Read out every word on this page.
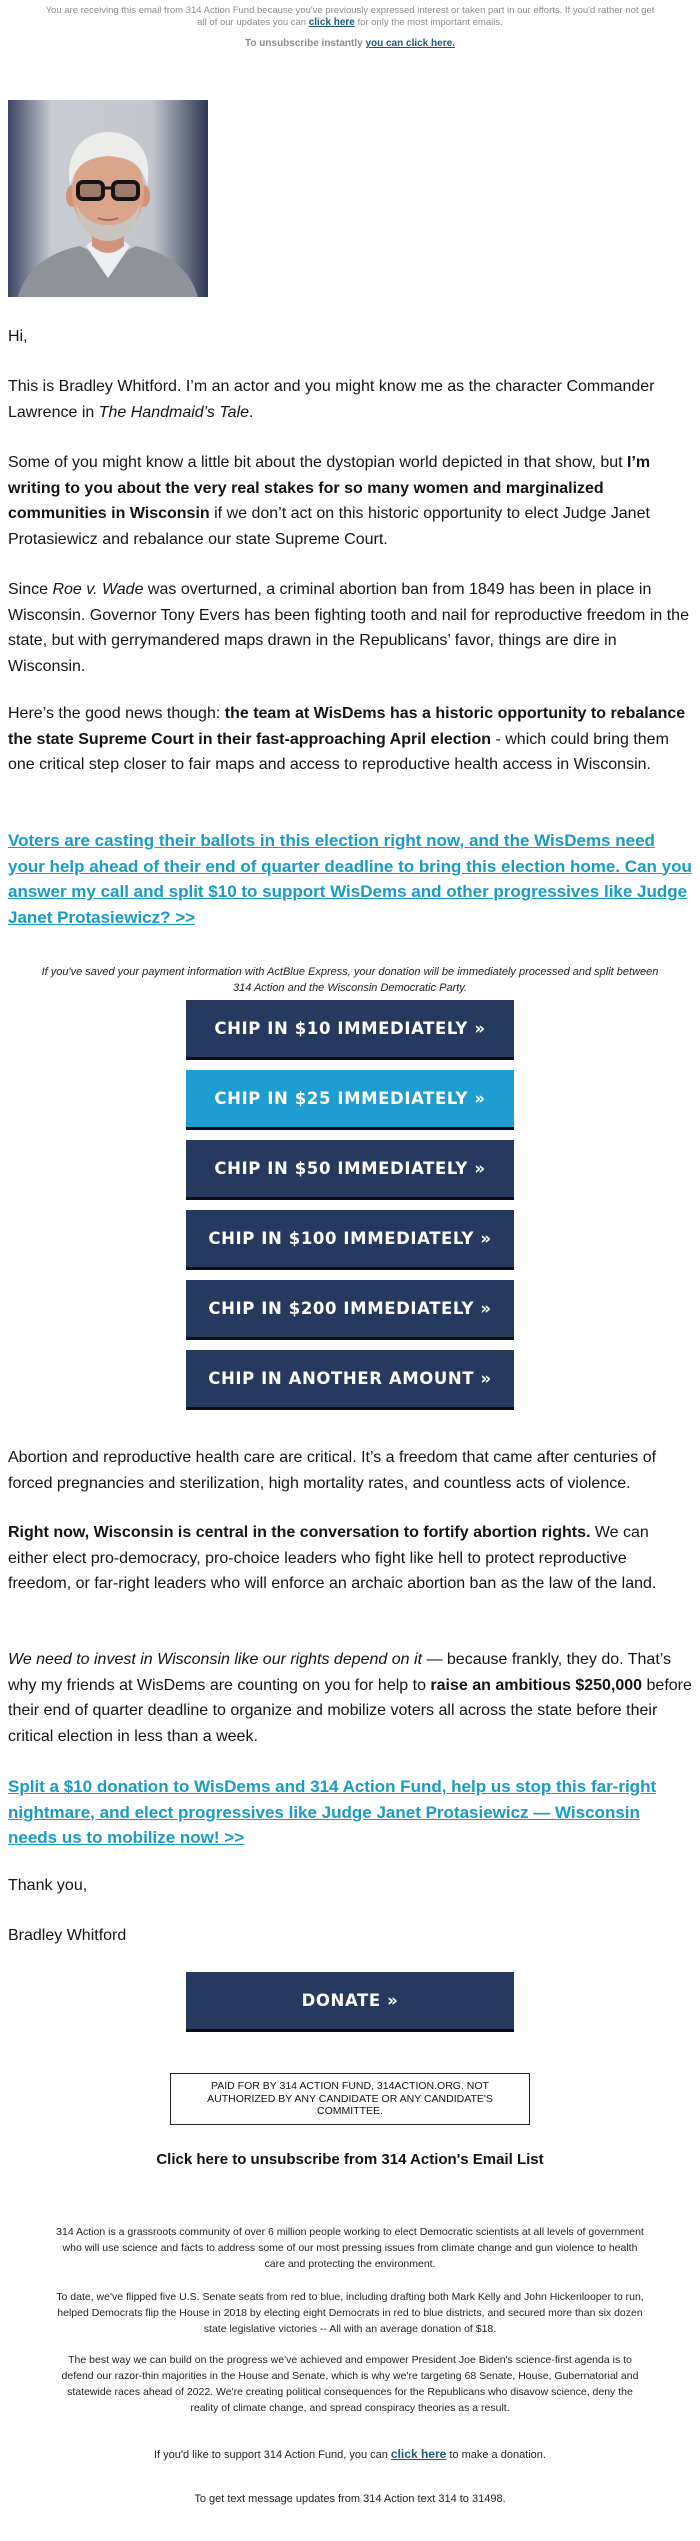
You are receiving this email from 314 Action Fund because you've previously expressed interest or taken part in our efforts. If you'd rather not get all of our updates you can click here for only the most important emails.

To unsubscribe instantly you can click here.

Hi,

This is Bradley Whitford. I’m an actor and you might know me as the character Commander Lawrence in The Handmaid’s Tale.

Some of you might know a little bit about the dystopian world depicted in that show, but I’m writing to you about the very real stakes for so many women and marginalized communities in Wisconsin if we don’t act on this historic opportunity to elect Judge Janet Protasiewicz and rebalance our state Supreme Court.

Since Roe v. Wade was overturned, a criminal abortion ban from 1849 has been in place in Wisconsin. Governor Tony Evers has been fighting tooth and nail for reproductive freedom in the state, but with gerrymandered maps drawn in the Republicans’ favor, things are dire in Wisconsin.

Here’s the good news though: the team at WisDems has a historic opportunity to rebalance the state Supreme Court in their fast-approaching April election - which could bring them one critical step closer to fair maps and access to reproductive health access in Wisconsin.

Voters are casting their ballots in this election right now, and the WisDems need your help ahead of their end of quarter deadline to bring this election home. Can you answer my call and split $10 to support WisDems and other progressives like Judge Janet Protasiewicz? >>

If you've saved your payment information with ActBlue Express, your donation will be immediately processed and split between 314 Action and the Wisconsin Democratic Party.

CHIP IN $10 IMMEDIATELY »
CHIP IN $25 IMMEDIATELY »
CHIP IN $50 IMMEDIATELY »
CHIP IN $100 IMMEDIATELY »
CHIP IN $200 IMMEDIATELY »
CHIP IN ANOTHER AMOUNT »

Abortion and reproductive health care are critical. It’s a freedom that came after centuries of forced pregnancies and sterilization, high mortality rates, and countless acts of violence.

Right now, Wisconsin is central in the conversation to fortify abortion rights. We can either elect pro-democracy, pro-choice leaders who fight like hell to protect reproductive freedom, or far-right leaders who will enforce an archaic abortion ban as the law of the land.

We need to invest in Wisconsin like our rights depend on it — because frankly, they do. That’s why my friends at WisDems are counting on you for help to raise an ambitious $250,000 before their end of quarter deadline to organize and mobilize voters all across the state before their critical election in less than a week.

Split a $10 donation to WisDems and 314 Action Fund, help us stop this far-right nightmare, and elect progressives like Judge Janet Protasiewicz — Wisconsin needs us to mobilize now! >>

Thank you,

Bradley Whitford

DONATE »

PAID FOR BY 314 ACTION FUND, 314ACTION.ORG. NOT AUTHORIZED BY ANY CANDIDATE OR ANY CANDIDATE'S COMMITTEE.

Click here to unsubscribe from 314 Action's Email List

314 Action is a grassroots community of over 6 million people working to elect Democratic scientists at all levels of government who will use science and facts to address some of our most pressing issues from climate change and gun violence to health care and protecting the environment.

To date, we've flipped five U.S. Senate seats from red to blue, including drafting both Mark Kelly and John Hickenlooper to run, helped Democrats flip the House in 2018 by electing eight Democrats in red to blue districts, and secured more than six dozen state legislative victories -- All with an average donation of $18.

The best way we can build on the progress we've achieved and empower President Joe Biden's science-first agenda is to defend our razor-thin majorities in the House and Senate, which is why we're targeting 68 Senate, House, Gubernatorial and statewide races ahead of 2022. We're creating political consequences for the Republicans who disavow science, deny the reality of climate change, and spread conspiracy theories as a result.

If you'd like to support 314 Action Fund, you can click here to make a donation.

To get text message updates from 314 Action text 314 to 31498.
